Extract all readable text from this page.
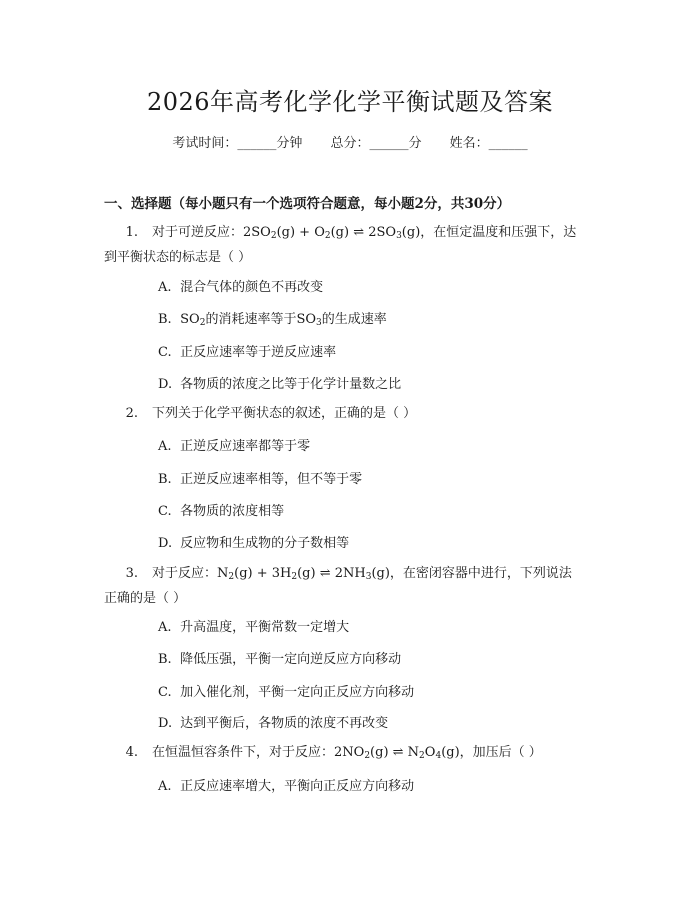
2026年高考化学化学平衡试题及答案
考试时间：______分钟 总分：______分 姓名：______
一、选择题（每小题只有一个选项符合题意，每小题2分，共30分）
1. 对于可逆反应：$2SO_2(g) + O_2(g)$ ⇌ $2SO_3(g)$，在恒定温度和压强下，达
到平衡状态的标志是（ ）
A. 混合气体的颜色不再改变
B. $SO_2$的消耗速率等于$SO_3$的生成速率
C. 正反应速率等于逆反应速率
D. 各物质的浓度之比等于化学计量数之比
2. 下列关于化学平衡状态的叙述，正确的是（ ）
A. 正逆反应速率都等于零
B. 正逆反应速率相等，但不等于零
C. 各物质的浓度相等
D. 反应物和生成物的分子数相等
3. 对于反应：$N_2(g) + 3H_2(g)$ ⇌ $2NH_3(g)$，在密闭容器中进行，下列说法
正确的是（ ）
A. 升高温度，平衡常数一定增大
B. 降低压强，平衡一定向逆反应方向移动
C. 加入催化剂，平衡一定向正反应方向移动
D. 达到平衡后，各物质的浓度不再改变
4. 在恒温恒容条件下，对于反应：$2NO_2(g)$ ⇌ $N_2O_4(g)$，加压后（ ）
A. 正反应速率增大，平衡向正反应方向移动
